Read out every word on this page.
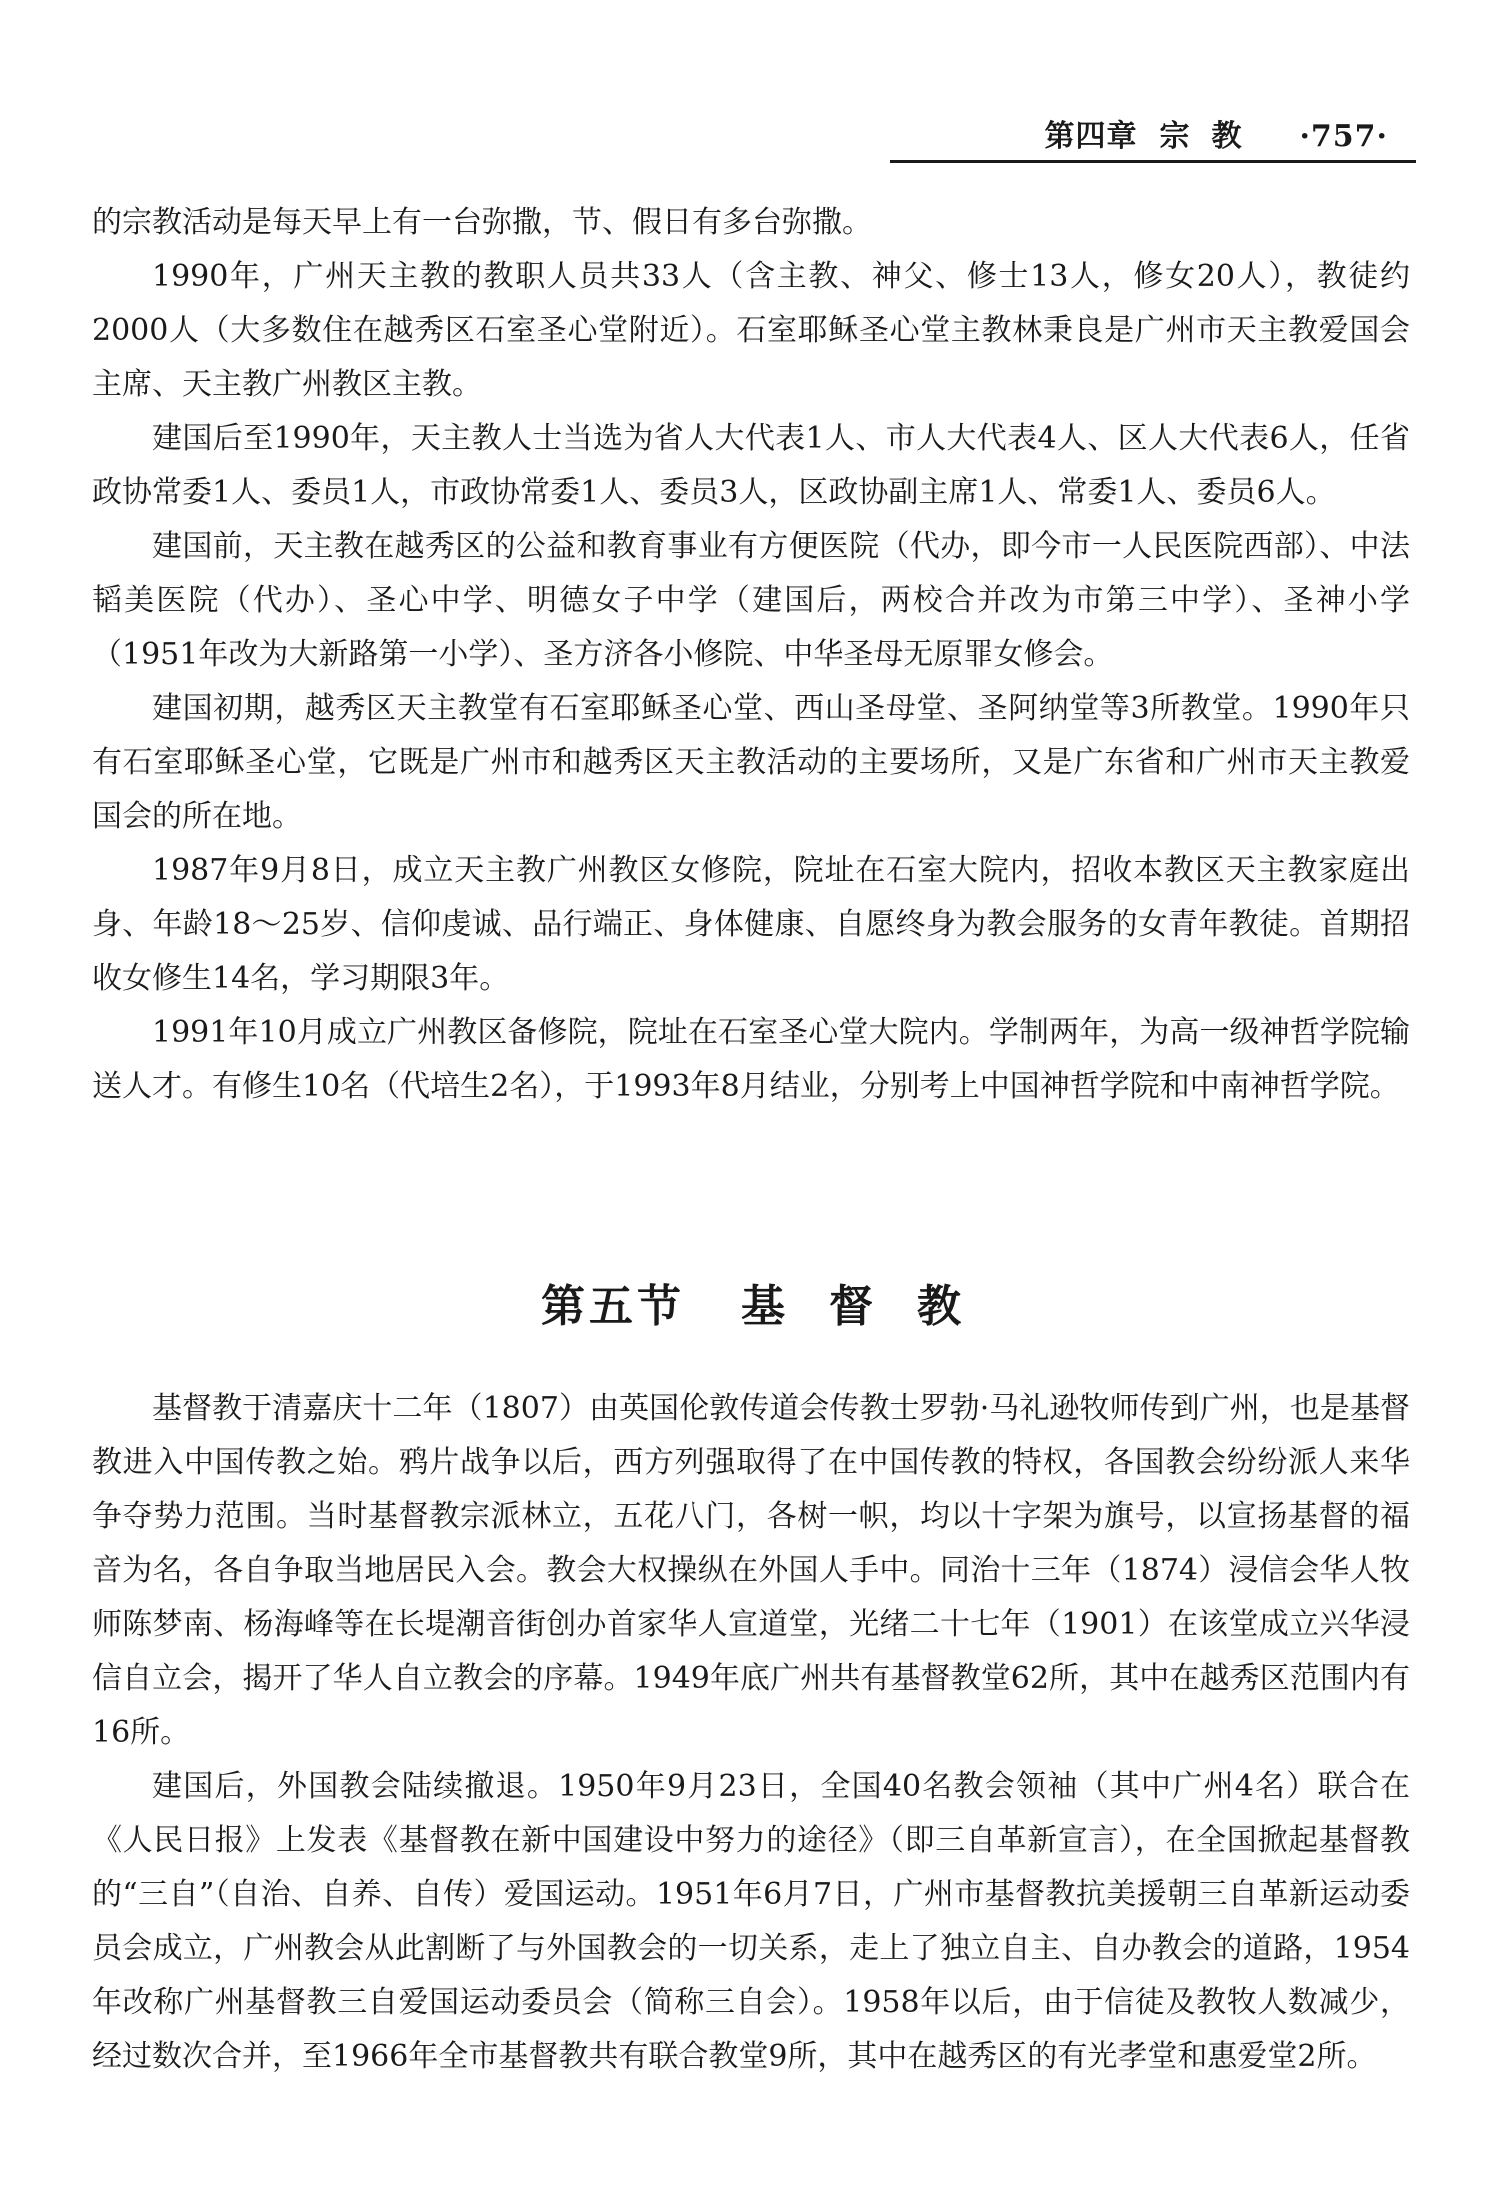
第四章 宗教 ·757·

的宗教活动是每天早上有一台弥撒，节、假日有多台弥撒。

1990年，广州天主教的教职人员共33人（含主教、神父、修士13人，修女20人），教徒约2000人（大多数住在越秀区石室圣心堂附近）。石室耶稣圣心堂主教林秉良是广州市天主教爱国会主席、天主教广州教区主教。

建国后至1990年，天主教人士当选为省人大代表1人、市人大代表4人、区人大代表6人，任省政协常委1人、委员1人，市政协常委1人、委员3人，区政协副主席1人、常委1人、委员6人。

建国前，天主教在越秀区的公益和教育事业有方便医院（代办，即今市一人民医院西部）、中法韬美医院（代办）、圣心中学、明德女子中学（建国后，两校合并改为市第三中学）、圣神小学（1951年改为大新路第一小学）、圣方济各小修院、中华圣母无原罪女修会。

建国初期，越秀区天主教堂有石室耶稣圣心堂、西山圣母堂、圣阿纳堂等3所教堂。1990年只有石室耶稣圣心堂，它既是广州市和越秀区天主教活动的主要场所，又是广东省和广州市天主教爱国会的所在地。

1987年9月8日，成立天主教广州教区女修院，院址在石室大院内，招收本教区天主教家庭出身、年龄18～25岁、信仰虔诚、品行端正、身体健康、自愿终身为教会服务的女青年教徒。首期招收女修生14名，学习期限3年。

1991年10月成立广州教区备修院，院址在石室圣心堂大院内。学制两年，为高一级神哲学院输送人才。有修生10名（代培生2名），于1993年8月结业，分别考上中国神哲学院和中南神哲学院。

第五节 基督教

基督教于清嘉庆十二年（1807）由英国伦敦传道会传教士罗勃·马礼逊牧师传到广州，也是基督教进入中国传教之始。鸦片战争以后，西方列强取得了在中国传教的特权，各国教会纷纷派人来华争夺势力范围。当时基督教宗派林立，五花八门，各树一帜，均以十字架为旗号，以宣扬基督的福音为名，各自争取当地居民入会。教会大权操纵在外国人手中。同治十三年（1874）浸信会华人牧师陈梦南、杨海峰等在长堤潮音街创办首家华人宣道堂，光绪二十七年（1901）在该堂成立兴华浸信自立会，揭开了华人自立教会的序幕。1949年底广州共有基督教堂62所，其中在越秀区范围内有16所。

建国后，外国教会陆续撤退。1950年9月23日，全国40名教会领袖（其中广州4名）联合在《人民日报》上发表《基督教在新中国建设中努力的途径》（即三自革新宣言），在全国掀起基督教的“三自”（自治、自养、自传）爱国运动。1951年6月7日，广州市基督教抗美援朝三自革新运动委员会成立，广州教会从此割断了与外国教会的一切关系，走上了独立自主、自办教会的道路，1954年改称广州基督教三自爱国运动委员会（简称三自会）。1958年以后，由于信徒及教牧人数减少，经过数次合并，至1966年全市基督教共有联合教堂9所，其中在越秀区的有光孝堂和惠爱堂2所。
